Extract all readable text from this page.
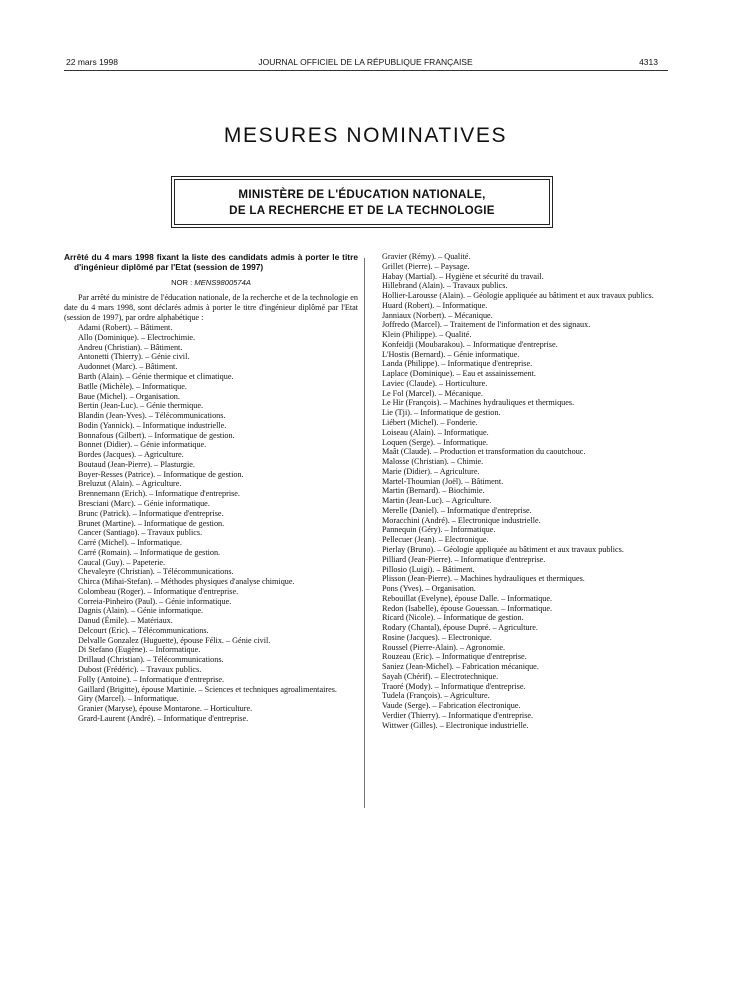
22 mars 1998	JOURNAL OFFICIEL DE LA RÉPUBLIQUE FRANÇAISE	4313
MESURES NOMINATIVES
MINISTÈRE DE L'ÉDUCATION NATIONALE,
DE LA RECHERCHE ET DE LA TECHNOLOGIE
Arrêté du 4 mars 1998 fixant la liste des candidats admis à porter le titre d'ingénieur diplômé par l'Etat (session de 1997)
NOR : MENS9800574A
Par arrêté du ministre de l'éducation nationale, de la recherche et de la technologie en date du 4 mars 1998, sont déclarés admis à porter le titre d'ingénieur diplômé par l'Etat (session de 1997), par ordre alphabétique :
Adami (Robert). – Bâtiment.
Allo (Dominique). – Electrochimie.
Andreu (Christian). – Bâtiment.
Antonetti (Thierry). – Génie civil.
Audonnet (Marc). – Bâtiment.
Barth (Alain). – Génie thermique et climatique.
Batlle (Michèle). – Informatique.
Baue (Michel). – Organisation.
Bertin (Jean-Luc). – Génie thermique.
Blandin (Jean-Yves). – Télécommunications.
Bodin (Yannick). – Informatique industrielle.
Bonnafous (Gilbert). – Informatique de gestion.
Bonnet (Didier). – Génie informatique.
Bordes (Jacques). – Agriculture.
Boutaud (Jean-Pierre). – Plasturgie.
Boyer-Resses (Patrice). – Informatique de gestion.
Breluzut (Alain). – Agriculture.
Brennemann (Erich). – Informatique d'entreprise.
Bresciani (Marc). – Génie informatique.
Brunc (Patrick). – Informatique d'entreprise.
Brunet (Martine). – Informatique de gestion.
Cancer (Santiago). – Travaux publics.
Carré (Michel). – Informatique.
Carré (Romain). – Informatique de gestion.
Caucal (Guy). – Papeterie.
Chevaleyre (Christian). – Télécommunications.
Chirca (Mihai-Stefan). – Méthodes physiques d'analyse chimique.
Colombeau (Roger). – Informatique d'entreprise.
Correia-Pinheiro (Paul). – Génie informatique.
Dagnis (Alain). – Génie informatique.
Danud (Émile). – Matériaux.
Delcourt (Eric). – Télécommunications.
Delvalle Gonzalez (Huguette), épouse Félix. – Génie civil.
Di Stefano (Eugène). – Informatique.
Drillaud (Christian). – Télécommunications.
Dubost (Frédéric). – Travaux publics.
Folly (Antoine). – Informatique d'entreprise.
Gaillard (Brigitte), épouse Martinie. – Sciences et techniques agroalimentaires.
Giry (Marcel). – Informatique.
Granier (Maryse), épouse Montarone. – Horticulture.
Grard-Laurent (André). – Informatique d'entreprise.
Gravier (Rémy). – Qualité.
Grillet (Pierre). – Paysage.
Habay (Martial). – Hygiène et sécurité du travail.
Hillebrand (Alain). – Travaux publics.
Hollier-Larousse (Alain). – Géologie appliquée au bâtiment et aux travaux publics.
Huard (Robert). – Informatique.
Janniaux (Norbert). – Mécanique.
Joffredo (Marcel). – Traitement de l'information et des signaux.
Klein (Philippe). – Qualité.
Konfeidji (Moubarakou). – Informatique d'entreprise.
L'Hostis (Bernard). – Génie informatique.
Landa (Philippe). – Informatique d'entreprise.
Laplace (Dominique). – Eau et assainissement.
Laviec (Claude). – Horticulture.
Le Fol (Marcel). – Mécanique.
Le Hir (François). – Machines hydrauliques et thermiques.
Lie (Tji). – Informatique de gestion.
Liébert (Michel). – Fonderie.
Loiseau (Alain). – Informatique.
Loquen (Serge). – Informatique.
Maât (Claude). – Production et transformation du caoutchouc.
Malosse (Christian). – Chimie.
Marie (Didier). – Agriculture.
Martel-Thoumian (Joël). – Bâtiment.
Martin (Bernard). – Biochimie.
Martin (Jean-Luc). – Agriculture.
Merelle (Daniel). – Informatique d'entreprise.
Moracchini (André). – Electronique industrielle.
Pannequin (Géry). – Informatique.
Pellecuer (Jean). – Electronique.
Pierlay (Bruno). – Géologie appliquée au bâtiment et aux travaux publics.
Pilliard (Jean-Pierre). – Informatique d'entreprise.
Pillosio (Luigi). – Bâtiment.
Plisson (Jean-Pierre). – Machines hydrauliques et thermiques.
Pons (Yves). – Organisation.
Rebouillat (Evelyne), épouse Dalle. – Informatique.
Redon (Isabelle), épouse Gouessan. – Informatique.
Ricard (Nicole). – Informatique de gestion.
Rodary (Chantal), épouse Dupré. – Agriculture.
Rosine (Jacques). – Electronique.
Roussel (Pierre-Alain). – Agronomie.
Rouzeau (Eric). – Informatique d'entreprise.
Saniez (Jean-Michel). – Fabrication mécanique.
Sayah (Chérif). – Electrotechnique.
Traoré (Mody). – Informatique d'entreprise.
Tudela (François). – Agriculture.
Vaude (Serge). – Fabrication électronique.
Verdier (Thierry). – Informatique d'entreprise.
Wittwer (Gilles). – Electronique industrielle.
